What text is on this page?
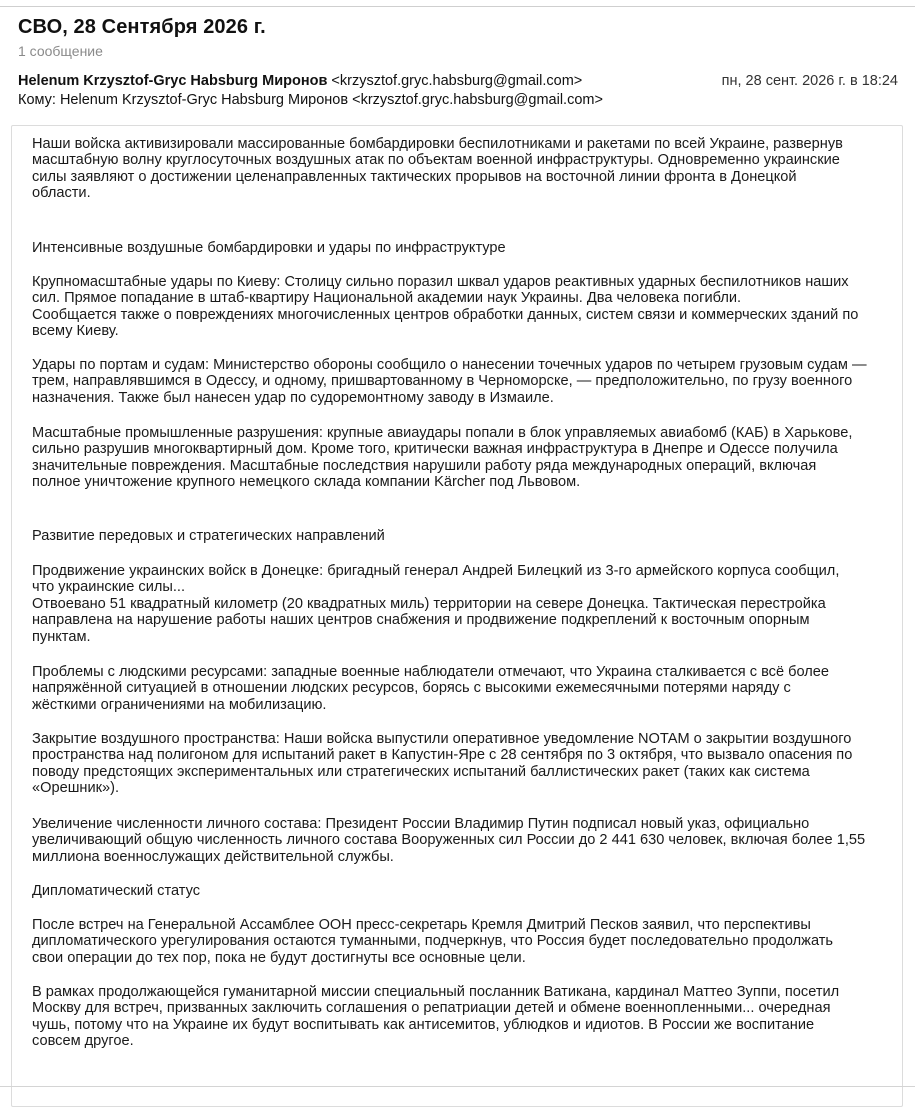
СВО, 28 Сентября 2026 г.
1 сообщение
Helenum Krzysztof-Gryc Habsburg Миронов <krzysztof.gryc.habsburg@gmail.com>	пн, 28 сент. 2026 г. в 18:24
Кому: Helenum Krzysztof-Gryc Habsburg Миронов <krzysztof.gryc.habsburg@gmail.com>

Наши войска активизировали массированные бомбардировки беспилотниками и ракетами по всей Украине, развернув
масштабную волну круглосуточных воздушных атак по объектам военной инфраструктуры. Одновременно украинские
силы заявляют о достижении целенаправленных тактических прорывов на восточной линии фронта в Донецкой
области.

Интенсивные воздушные бомбардировки и удары по инфраструктуре

Крупномасштабные удары по Киеву: Столицу сильно поразил шквал ударов реактивных ударных беспилотников наших
сил. Прямое попадание в штаб-квартиру Национальной академии наук Украины. Два человека погибли.
Сообщается также о повреждениях многочисленных центров обработки данных, систем связи и коммерческих зданий по
всему Киеву.

Удары по портам и судам: Министерство обороны сообщило о нанесении точечных ударов по четырем грузовым судам —
трем, направлявшимся в Одессу, и одному, пришвартованному в Черноморске, — предположительно, по грузу военного
назначения. Также был нанесен удар по судоремонтному заводу в Измаиле.

Масштабные промышленные разрушения: крупные авиаудары попали в блок управляемых авиабомб (КАБ) в Харькове,
сильно разрушив многоквартирный дом. Кроме того, критически важная инфраструктура в Днепре и Одессе получила
значительные повреждения. Масштабные последствия нарушили работу ряда международных операций, включая
полное уничтожение крупного немецкого склада компании Kärcher под Львовом.

Развитие передовых и стратегических направлений

Продвижение украинских войск в Донецке: бригадный генерал Андрей Билецкий из 3-го армейского корпуса сообщил,
что украинские силы...
Отвоевано 51 квадратный километр (20 квадратных миль) территории на севере Донецка. Тактическая перестройка
направлена на нарушение работы наших центров снабжения и продвижение подкреплений к восточным опорным
пунктам.

Проблемы с людскими ресурсами: западные военные наблюдатели отмечают, что Украина сталкивается с всё более
напряжённой ситуацией в отношении людских ресурсов, борясь с высокими ежемесячными потерями наряду с
жёсткими ограничениями на мобилизацию.

Закрытие воздушного пространства: Наши войска выпустили оперативное уведомление NOTAM о закрытии воздушного
пространства над полигоном для испытаний ракет в Капустин-Яре с 28 сентября по 3 октября, что вызвало опасения по
поводу предстоящих экспериментальных или стратегических испытаний баллистических ракет (таких как система
«Орешник»).

Увеличение численности личного состава: Президент России Владимир Путин подписал новый указ, официально
увеличивающий общую численность личного состава Вооруженных сил России до 2 441 630 человек, включая более 1,55
миллиона военнослужащих действительной службы.

Дипломатический статус

После встреч на Генеральной Ассамблее ООН пресс-секретарь Кремля Дмитрий Песков заявил, что перспективы
дипломатического урегулирования остаются туманными, подчеркнув, что Россия будет последовательно продолжать
свои операции до тех пор, пока не будут достигнуты все основные цели.

В рамках продолжающейся гуманитарной миссии специальный посланник Ватикана, кардинал Маттео Зуппи, посетил
Москву для встреч, призванных заключить соглашения о репатриации детей и обмене военнопленными... очередная
чушь, потому что на Украине их будут воспитывать как антисемитов, ублюдков и идиотов. В России же воспитание
совсем другое.
